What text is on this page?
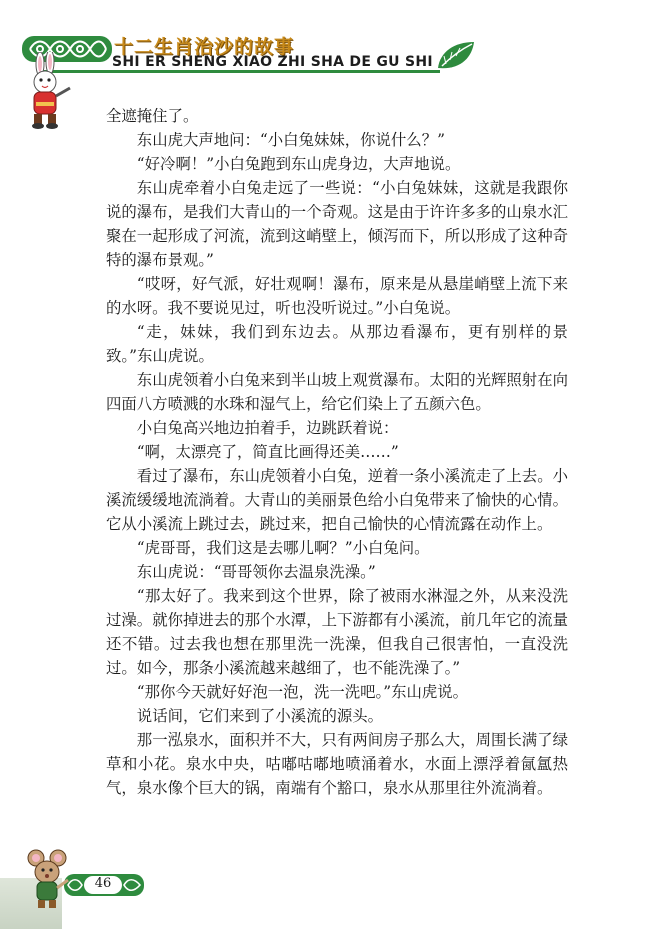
十二生肖治沙的故事
SHI ER SHENG XIAO ZHI SHA DE GU SHI

全遮掩住了。

东山虎大声地问：“小白兔妹妹，你说什么？”

“好冷啊！”小白兔跑到东山虎身边，大声地说。

东山虎牵着小白兔走远了一些说：“小白兔妹妹，这就是我跟你说的瀑布，是我们大青山的一个奇观。这是由于许许多多的山泉水汇聚在一起形成了河流，流到这峭壁上，倾泻而下，所以形成了这种奇特的瀑布景观。”

“哎呀，好气派，好壮观啊！瀑布，原来是从悬崖峭壁上流下来的水呀。我不要说见过，听也没听说过。”小白兔说。

“走，妹妹，我们到东边去。从那边看瀑布，更有别样的景致。”东山虎说。

东山虎领着小白兔来到半山坡上观赏瀑布。太阳的光辉照射在向四面八方喷溅的水珠和湿气上，给它们染上了五颜六色。

小白兔高兴地边拍着手，边跳跃着说：

“啊，太漂亮了，简直比画得还美……”

看过了瀑布，东山虎领着小白兔，逆着一条小溪流走了上去。小溪流缓缓地流淌着。大青山的美丽景色给小白兔带来了愉快的心情。它从小溪流上跳过去，跳过来，把自己愉快的心情流露在动作上。

“虎哥哥，我们这是去哪儿啊？”小白兔问。

东山虎说：“哥哥领你去温泉洗澡。”

“那太好了。我来到这个世界，除了被雨水淋湿之外，从来没洗过澡。就你掉进去的那个水潭，上下游都有小溪流，前几年它的流量还不错。过去我也想在那里洗一洗澡，但我自己很害怕，一直没洗过。如今，那条小溪流越来越细了，也不能洗澡了。”

“那你今天就好好泡一泡，洗一洗吧。”东山虎说。

说话间，它们来到了小溪流的源头。

那一泓泉水，面积并不大，只有两间房子那么大，周围长满了绿草和小花。泉水中央，咕嘟咕嘟地喷涌着水，水面上漂浮着氤氲热气，泉水像个巨大的锅，南端有个豁口，泉水从那里往外流淌着。

46
